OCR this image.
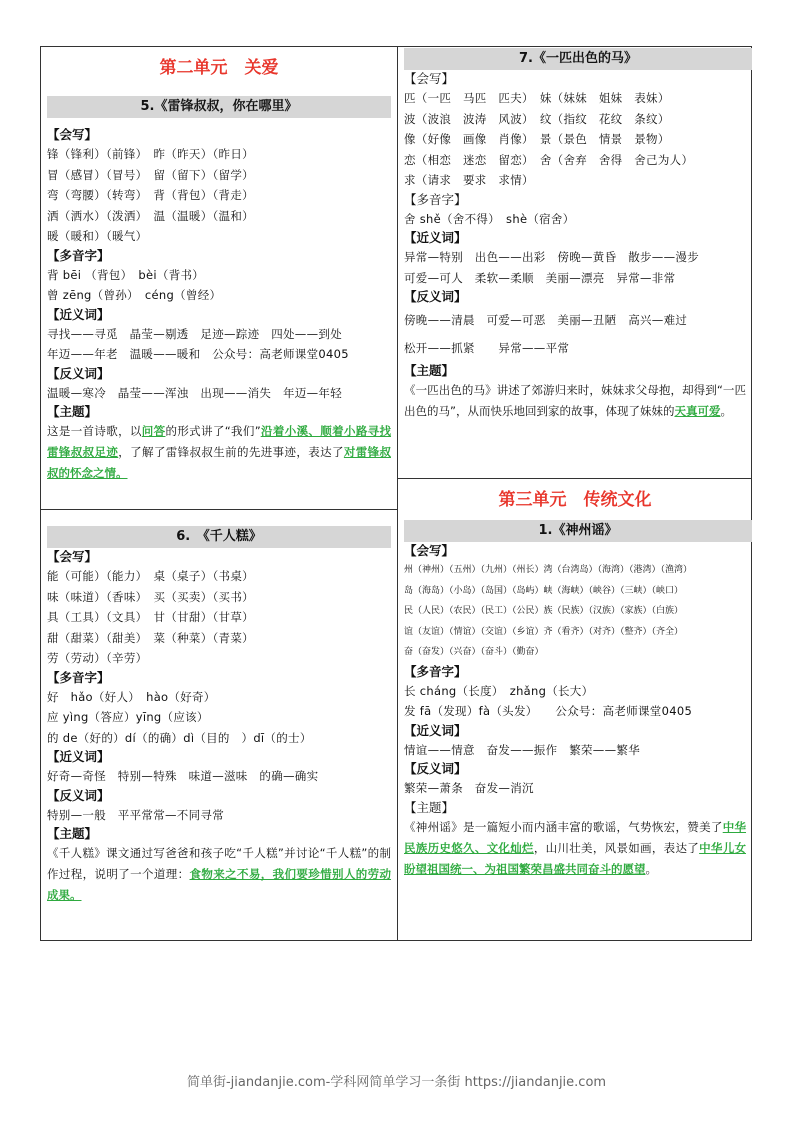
第二单元　关爱
5.《雷锋叔叔，你在哪里》
【会写】
锋（锋利）（前锋）　昨（昨天）（昨日）
冒（感冒）（冒号）　留（留下）（留学）
弯（弯腰）（转弯）　背（背包）（背走）
洒（洒水）（泼洒）　温（温暖）（温和）
暖（暖和）（暖气）
【多音字】
背 bēi （背包）　bèi（背书）
曾 zēng（曾孙）　céng（曾经）
【近义词】
寻找——寻觅　晶莹—剔透　足迹—踪迹　四处——到处
年迈——年老　温暖——暖和　公众号：高老师课堂0405
【反义词】
温暖—寒冷　晶莹——浑浊　出现——消失　年迈—年轻
【主题】
这是一首诗歌，以问答的形式讲了“我们”沿着小溪、顺着小路寻找雷锋叔叔足迹，了解了雷锋叔叔生前的先进事迹，表达了对雷锋叔叔的怀念之情。
6.　《千人糕》
【会写】
能（可能）（能力）　桌（桌子）（书桌）
味（味道）（香味）　买（买卖）（买书）
具（工具）（文具）　甘（甘甜）（甘草）
甜（甜菜）（甜美）　菜（种菜）（青菜）
劳（劳动）（辛劳）
【多音字】
好　hǎo（好人）　hào（好奇）
应 yìng（答应）yīng（应该）
的 de（好的）dí（的确）dì（目的　）dī（的士）
【近义词】
好奇—奇怪　特别—特殊　味道—滋味　的确—确实
【反义词】
特别—一般　平平常常—不同寻常
【主题】
《千人糕》课文通过写爸爸和孩子吃“千人糕”并讨论“千人糕”的制作过程，说明了一个道理：食物来之不易，我们要珍惜别人的劳动成果。
7.《一匹出色的马》
【会写】
匹（一匹　马匹　匹夫）　妹（妹妹　姐妹　表妹）
波（波浪　波涛　风波）　纹（指纹　花纹　条纹）
像（好像　画像　肖像）　景（景色　情景　景物）
恋（相恋　迷恋　留恋）　舍（舍弃　舍得　舍己为人）
求（请求　要求　求情）
【多音字】
舍 shě（舍不得）　shè（宿舍）
【近义词】
异常—特别　出色——出彩　傍晚—黄昏　散步——漫步
可爱—可人　柔软—柔顺　美丽—漂亮　异常—非常
【反义词】
傍晚——清晨　可爱—可恶　美丽—丑陋　高兴—难过
松开——抓紧　　异常——平常
【主题】
《一匹出色的马》讲述了郊游归来时，妹妹求父母抱，却得到“一匹出色的马”，从而快乐地回到家的故事，体现了妹妹的天真可爱。
第三单元　传统文化
1.《神州谣》
【会写】
州（神州）（五州）（九州）（州长）湾（台湾岛）（海湾）（港湾）（渔湾）
岛（海岛）（小岛）（岛国）（岛屿）峡（海峡）（峡谷）（三峡）（峡口）
民（人民）（农民）（民工）（公民）族（民族）（汉族）（家族）（白族）
谊（友谊）（情谊）（交谊）（乡谊）齐（看齐）（对齐）（整齐）（齐全）
奋（奋发）（兴奋）（奋斗）（勤奋）
【多音字】
长 cháng（长度）　zhǎng（长大）
发 fā（发现）fà（头发）　　公众号：高老师课堂0405
【近义词】
情谊——情意　奋发——振作　繁荣——繁华
【反义词】
繁荣—萧条　奋发—消沉
【主题】
《神州谣》是一篇短小而内涵丰富的歌谣，气势恢宏，赞美了中华民族历史悠久、文化灿烂，山川壮美，风景如画，表达了中华儿女盼望祖国统一、为祖国繁荣昌盛共同奋斗的愿望。
简单街-jiandanjie.com-学科网简单学习一条街 https://jiandanjie.com
